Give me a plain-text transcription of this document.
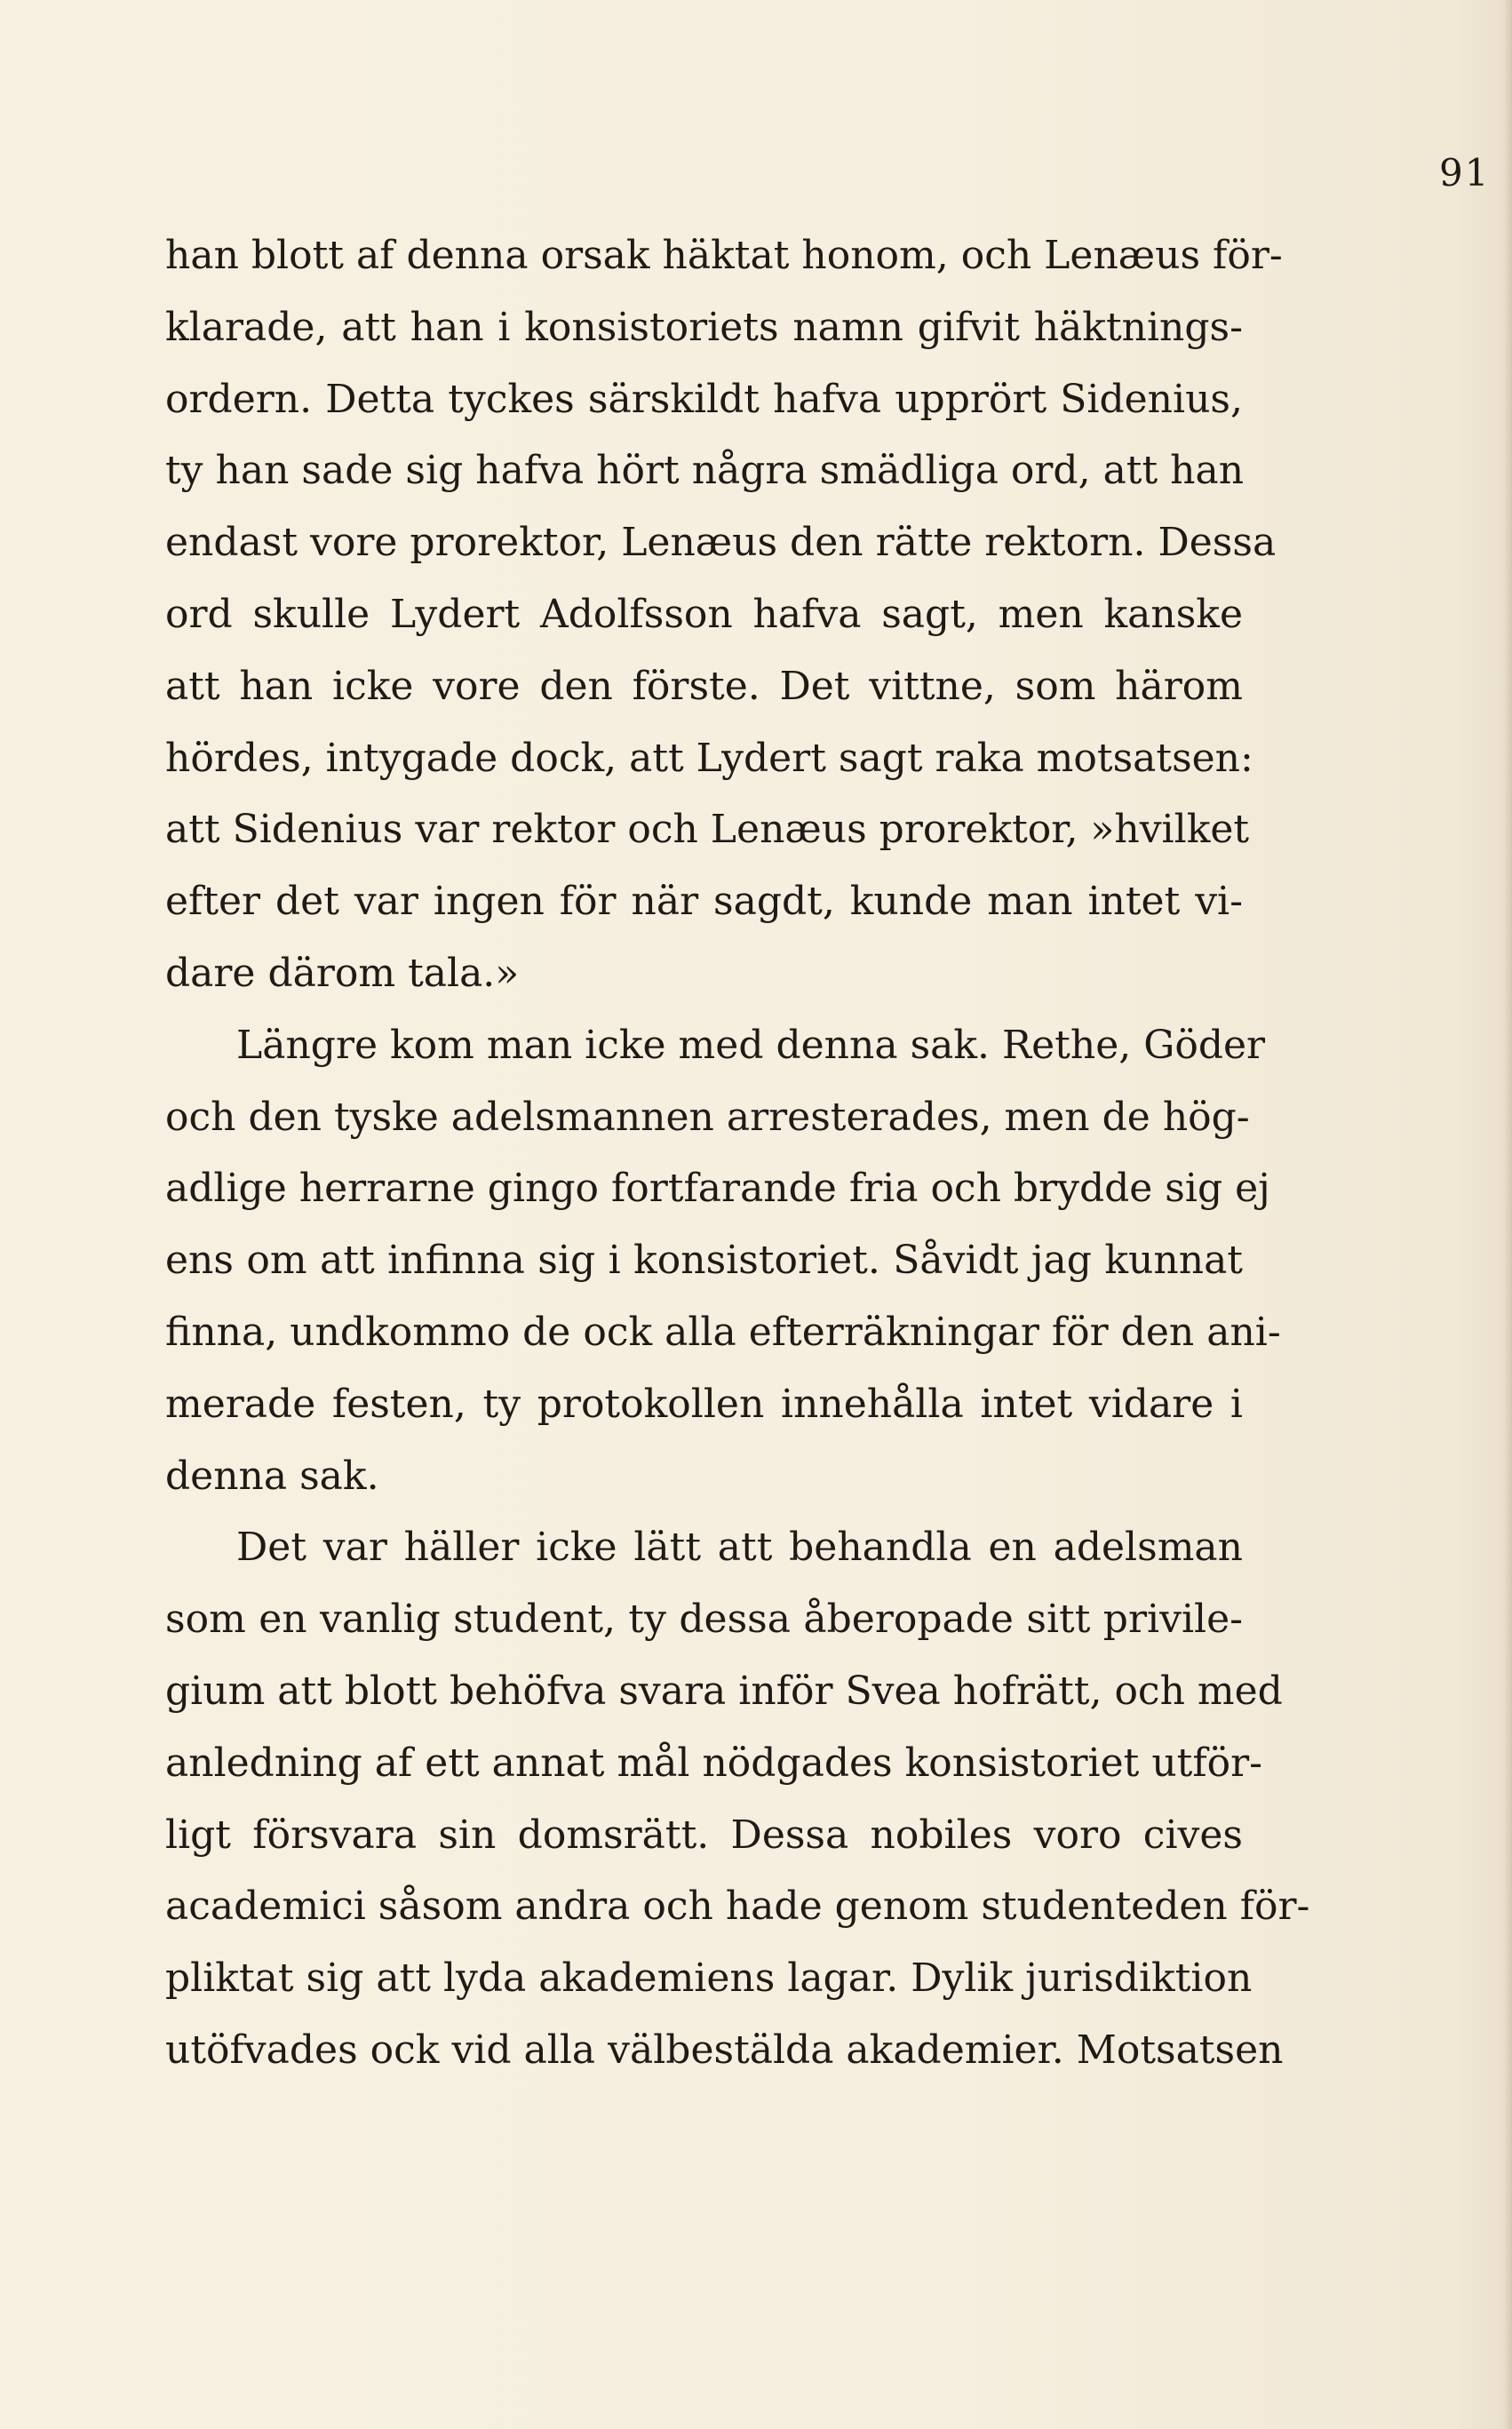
91
han blott af denna orsak häktat honom, och Lenæus för-
klarade, att han i konsistoriets namn gifvit häktnings-
ordern. Detta tyckes särskildt hafva upprört Sidenius,
ty han sade sig hafva hört några smädliga ord, att han
endast vore prorektor, Lenæus den rätte rektorn. Dessa
ord skulle Lydert Adolfsson hafva sagt, men kanske
att han icke vore den förste. Det vittne, som härom
hördes, intygade dock, att Lydert sagt raka motsatsen:
att Sidenius var rektor och Lenæus prorektor, »hvilket
efter det var ingen för när sagdt, kunde man intet vi-
dare därom tala.»
Längre kom man icke med denna sak. Rethe, Göder
och den tyske adelsmannen arresterades, men de hög-
adlige herrarne gingo fortfarande fria och brydde sig ej
ens om att infinna sig i konsistoriet. Såvidt jag kunnat
finna, undkommo de ock alla efterräkningar för den ani-
merade festen, ty protokollen innehålla intet vidare i
denna sak.
Det var häller icke lätt att behandla en adelsman
som en vanlig student, ty dessa åberopade sitt privile-
gium att blott behöfva svara inför Svea hofrätt, och med
anledning af ett annat mål nödgades konsistoriet utför-
ligt försvara sin domsrätt. Dessa nobiles voro cives
academici såsom andra och hade genom studenteden för-
pliktat sig att lyda akademiens lagar. Dylik jurisdiktion
utöfvades ock vid alla välbestälda akademier. Motsatsen
